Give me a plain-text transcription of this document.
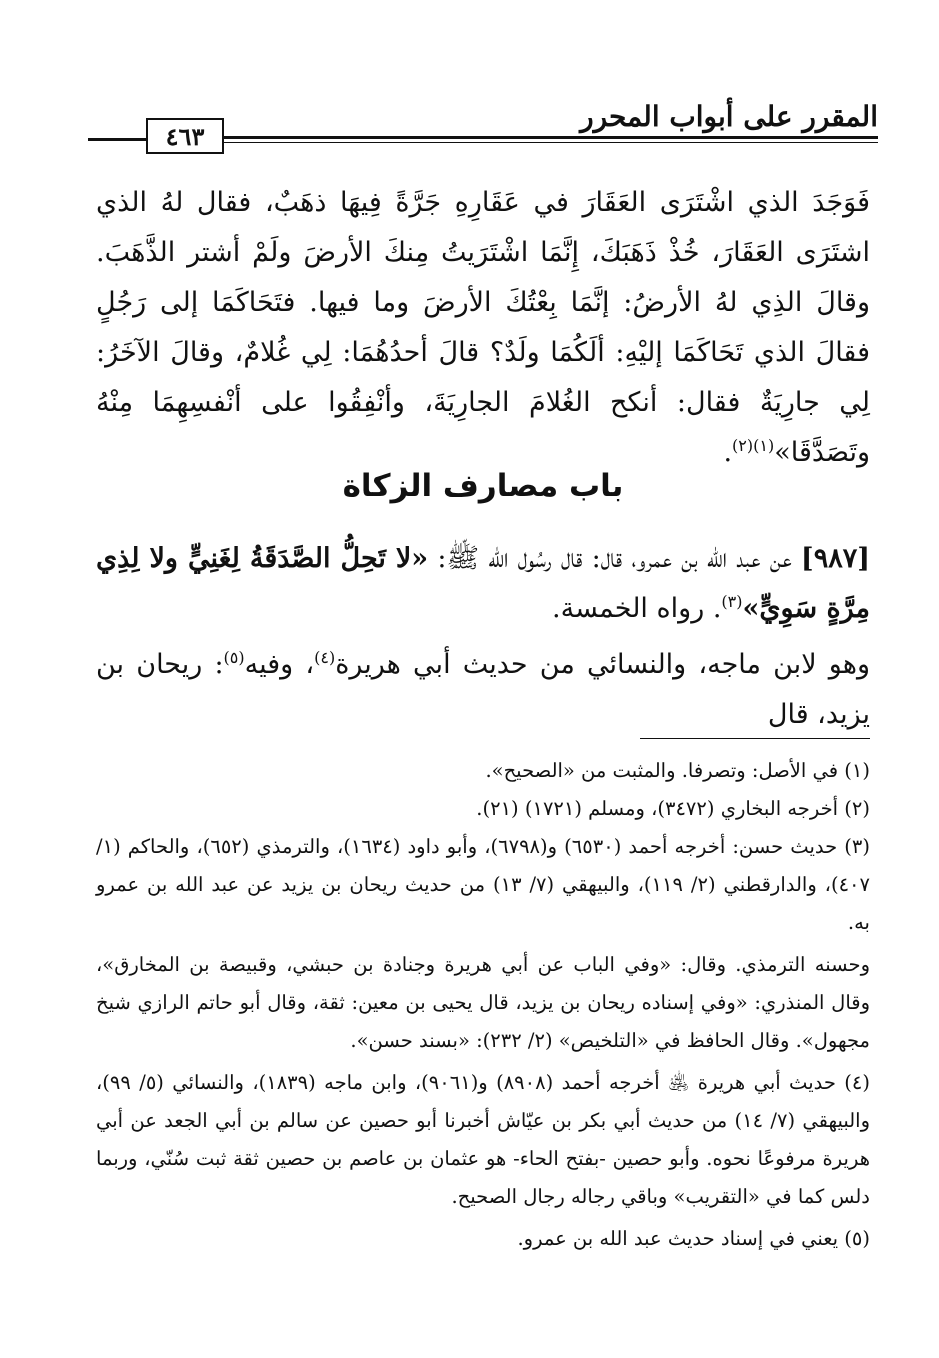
المقرر على أبواب المحرر
٤٦٣

فَوَجَدَ الذي اشْتَرَى العَقَارَ في عَقَارِهِ جَرَّةً فِيهَا ذهَبٌ، فقال لهُ الذي اشتَرَى العَقَارَ، خُذْ ذَهَبَكَ، إِنَّمَا اشْتَرَيتُ مِنكَ الأرضَ ولَمْ أشتر الذَّهَبَ. وقالَ الذِي لهُ الأرضُ: إنَّمَا بِعْتُكَ الأرضَ وما فيها. فتَحَاكَمَا إلى رَجُلٍ فقالَ الذي تَحَاكَمَا إليْهِ: ألَكُمَا ولَدٌ؟ قالَ أحدُهُمَا: لِي غُلامٌ، وقالَ الآخَرُ: لِي جارِيَةٌ فقال: أنكح الغُلامَ الجارِيَةَ، وأنْفِقُوا على أنْفسِهِمَا مِنْهُ وتَصَدَّقَا»$^{(١)(٢)}$.

باب مصارف الزكاة

[٩٨٧] عن عبد الله بن عمرو، قال: قال رسُول الله ﷺ: «لا تَحِلُّ الصَّدَقَةُ لِغَنِيٍّ ولا لِذِي مِرَّةٍ سَوِيٍّ»$^{(٣)}$. رواه الخمسة.

وهو لابن ماجه، والنسائي من حديث أبي هريرة$^{(٤)}$، وفيه$^{(٥)}$: ريحان بن يزيد، قال

(١) في الأصل: وتصرفا. والمثبت من «الصحيح».

(٢) أخرجه البخاري (٣٤٧٢)، ومسلم (١٧٢١) (٢١).

(٣) حديث حسن: أخرجه أحمد (٦٥٣٠) و(٦٧٩٨)، وأبو داود (١٦٣٤)، والترمذي (٦٥٢)، والحاكم (١/ ٤٠٧)، والدارقطني (٢/ ١١٩)، والبيهقي (٧/ ١٣) من حديث ريحان بن يزيد عن عبد الله بن عمرو به.

وحسنه الترمذي. وقال: «وفي الباب عن أبي هريرة وجنادة بن حبشي، وقبيصة بن المخارق»، وقال المنذري: «وفي إسناده ريحان بن يزيد، قال يحيى بن معين: ثقة، وقال أبو حاتم الرازي شيخ مجهول». وقال الحافظ في «التلخيص» (٢/ ٢٣٢): «بسند حسن».

(٤) حديث أبي هريرة ﵁ أخرجه أحمد (٨٩٠٨) و(٩٠٦١)، وابن ماجه (١٨٣٩)، والنسائي (٥/ ٩٩)، والبيهقي (٧/ ١٤) من حديث أبي بكر بن عيّاش أخبرنا أبو حصين عن سالم بن أبي الجعد عن أبي هريرة مرفوعًا نحوه. وأبو حصين -بفتح الحاء- هو عثمان بن عاصم بن حصين ثقة ثبت سُنّي، وربما دلس كما في «التقريب» وباقي رجاله رجال الصحيح.

(٥) يعني في إسناد حديث عبد الله بن عمرو.
